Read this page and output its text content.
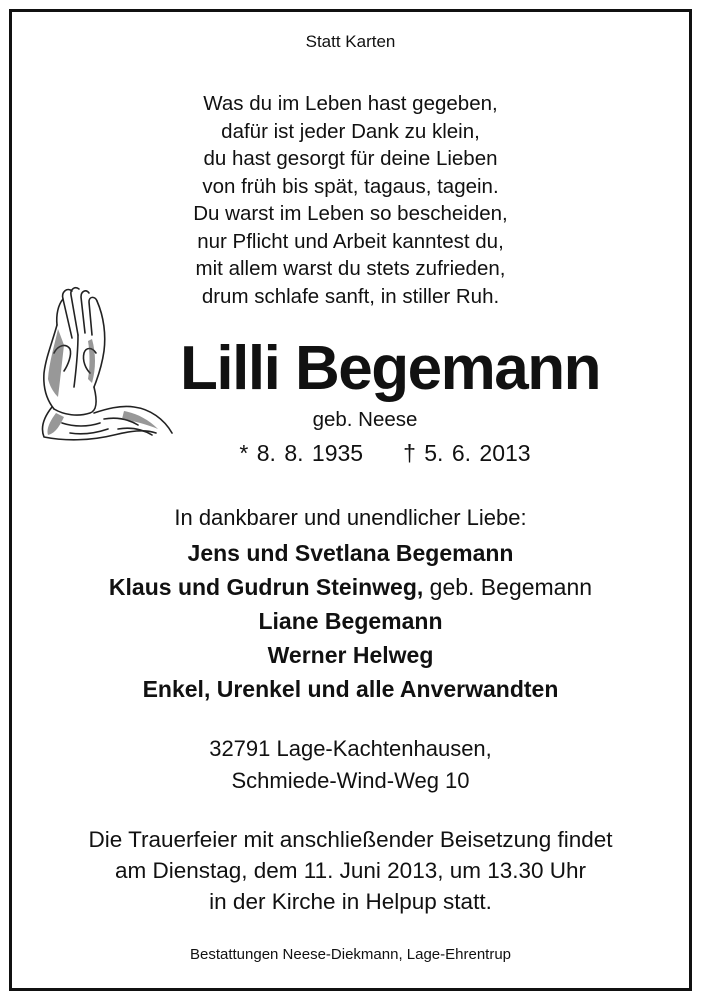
Statt Karten
Was du im Leben hast gegeben,
dafür ist jeder Dank zu klein,
du hast gesorgt für deine Lieben
von früh bis spät, tagaus, tagein.
Du warst im Leben so bescheiden,
nur Pflicht und Arbeit kanntest du,
mit allem warst du stets zufrieden,
drum schlafe sanft, in stiller Ruh.
Lilli Begemann
geb. Neese
* 8. 8. 1935 † 5. 6. 2013
In dankbarer und unendlicher Liebe:
Jens und Svetlana Begemann
Klaus und Gudrun Steinweg, geb. Begemann
Liane Begemann
Werner Helweg
Enkel, Urenkel und alle Anverwandten
32791 Lage-Kachtenhausen,
Schmiede-Wind-Weg 10
Die Trauerfeier mit anschließender Beisetzung findet
am Dienstag, dem 11. Juni 2013, um 13.30 Uhr
in der Kirche in Helpup statt.
Bestattungen Neese-Diekmann, Lage-Ehrentrup
